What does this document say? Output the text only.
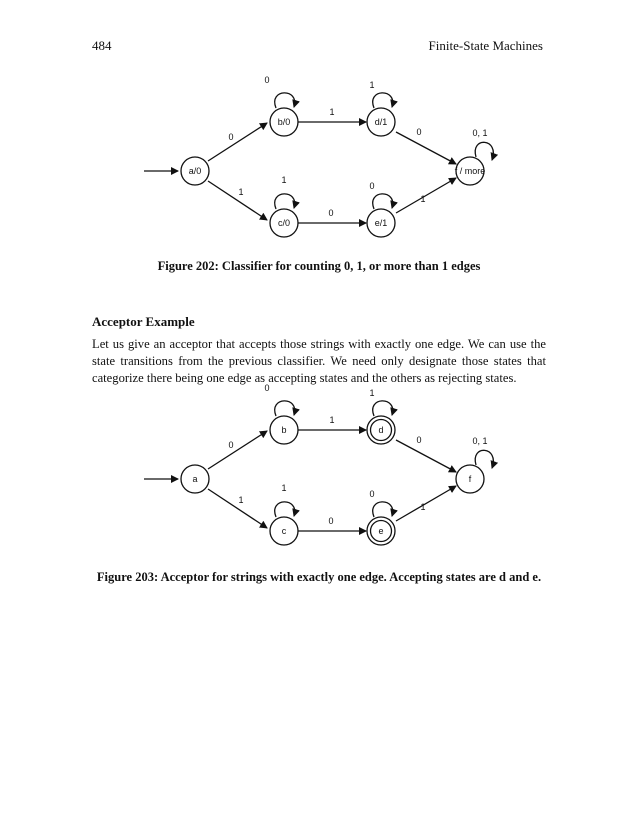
484	Finite-State Machines
a/0
b/0
c/0
d/1
e/1
f / more
0
1
1
0
0
1
0
1
1
0
0, 1
Figure 202: Classifier for counting 0, 1, or more than 1 edges
Acceptor Example

Let us give an acceptor that accepts those strings with exactly one edge. We can use the state transitions from the previous classifier. We need only designate those states that categorize there being one edge as accepting states and the others as rejecting states.

a
b
c
d
e
f
0
1
1
0
0
1
0
1
1
0
0, 1
Figure 203: Acceptor for strings with exactly one edge. Accepting states are d and e.
